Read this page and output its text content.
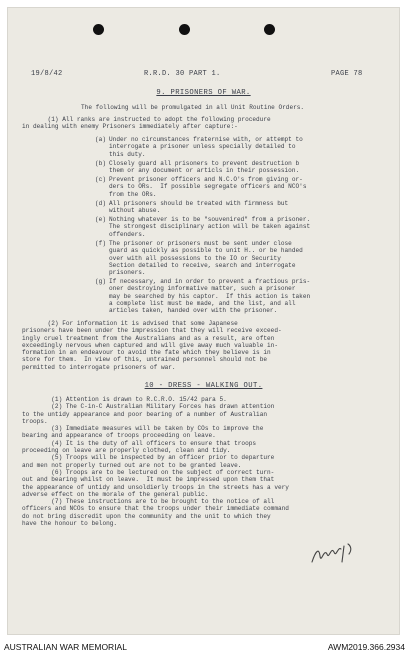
19/8/42	R.R.D. 30 PART 1.	PAGE 78
9. PRISONERS OF WAR.
The following will be promulgated in all Unit Routine Orders.
(1) All ranks are instructed to adopt the following procedure
in dealing with enemy Prisoners immediately after capture:-
(a) Under no circumstances fraternise with, or attempt to
interrogate a prisoner unless specially detailed to
this duty.
(b) Closely guard all prisoners to prevent destruction b
them or any document or articls in their possession.
(c) Prevent prisoner officers and N.C.O's from giving or-
ders to ORs.  If possible segregate officers and NCO's
from the ORs.
(d) All prisoners should be treated with firmness but
without abuse.
(e) Nothing whatever is to be "souvenired" from a prisoner.
The strongest disciplinary action will be taken against
offenders.
(f) The prisoner or prisoners must be sent under close
guard as quickly as possible to unit H.. or be handed
over with all possessions to the IO or Security
Section detailed to receive, search and interrogate
prisoners.
(g) If necessary, and in order to prevent a fractious pris-
oner destroying informative matter, such a prisoner
may be searched by his captor.  If this action is taken
a complete list must be made, and the list, and all
articles taken, handed over with the prisoner.
(2) For information it is advised that some Japanese
prisoners have been under the impression that they will receive exceed-
ingly cruel treatment from the Australians and as a result, are often
exceedingly nervous when captured and will give away much valuable in-
formation in an endeavour to avoid the fate which they believe is in
store for them.  In view of this, untrained personnel should not be
permitted to interrogate prisoners of war.
10 - DRESS - WALKING OUT.
(1) Attention is drawn to R.C.R.O. 15/42 para 5.
(2) The C-in-C Australian Military Forces has drawn attention
to the untidy appearance and poor bearing of a number of Australian
troops.
(3) Immediate measures will be taken by COs to improve the
bearing and appearance of troops proceeding on leave.
(4) It is the duty of all officers to ensure that troops
proceeding on leave are properly clothed, clean and tidy.
(5) Troops will be inspected by an officer prior to departure
and men not properly turned out are not to be granted leave.
(6) Troops are to be lectured on the subject of correct turn-
out and bearing whilst on leave.  It must be impressed upon them that
the appearance of untidy and unsoldierly troops in the streets has a very
adverse effect on the morale of the general public.
(7) These instructions are to be brought to the notice of all
officers and NCOs to ensure that the troops under their immediate command
do not bring discredit upon the community and the unit to which they
have the honour to belong.
AUSTRALIAN WAR MEMORIAL	AWM2019.366.2934
